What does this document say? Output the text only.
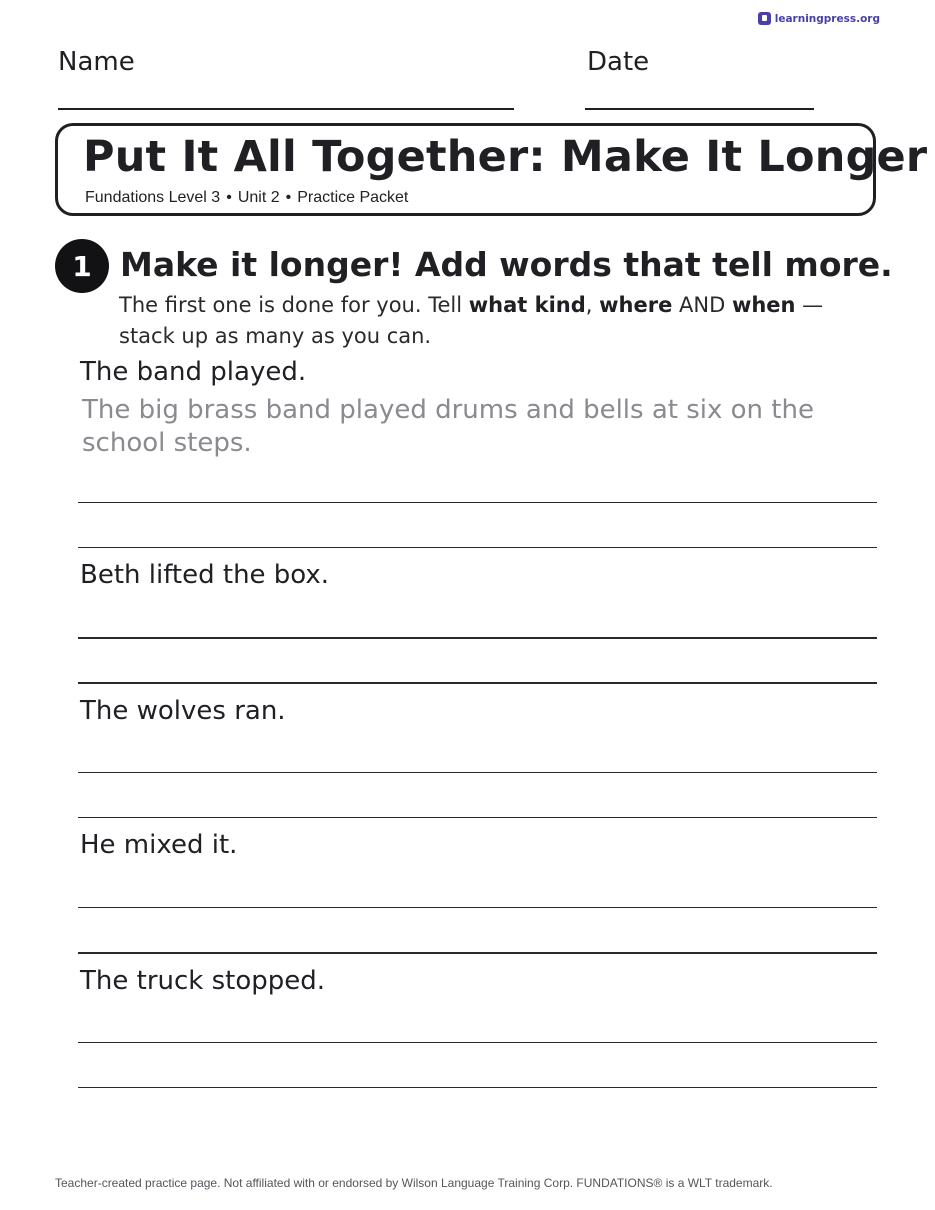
learningpress.org
Name	Date
Put It All Together: Make It Longer
Fundations Level 3 • Unit 2 • Practice Packet
1 Make it longer! Add words that tell more.

The first one is done for you. Tell what kind, where AND when — stack up as many as you can.

The band played.

The big brass band played drums and bells at six on the school steps.

Beth lifted the box.
The wolves ran.
He mixed it.
The truck stopped.
Teacher-created practice page. Not affiliated with or endorsed by Wilson Language Training Corp. FUNDATIONS® is a WLT trademark.
